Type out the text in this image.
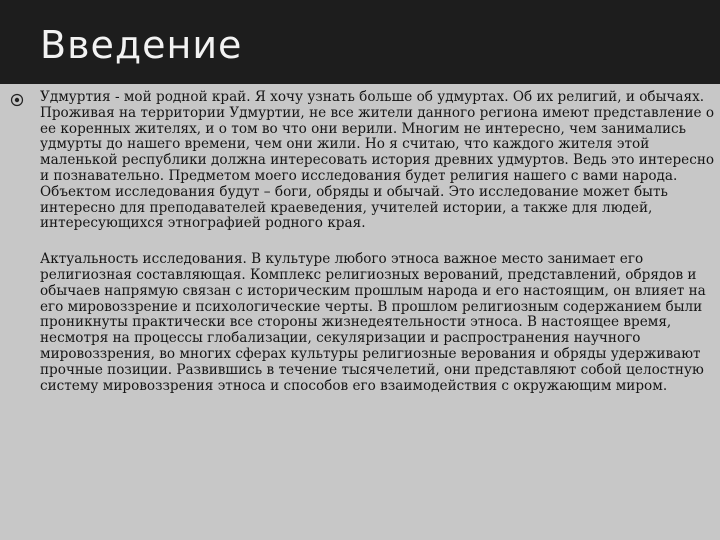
Введение

Удмуртия - мой родной край. Я хочу узнать больше об удмуртах. Об их религий, и обычаях. Проживая на территории Удмуртии, не все жители данного региона имеют представление о ее коренных жителях, и о том во что они верили. Многим не интересно, чем занимались удмурты до нашего времени, чем они жили. Но я считаю, что каждого жителя этой маленькой республики должна интересовать история древних удмуртов. Ведь это интересно и познавательно. Предметом моего исследования будет религия нашего с вами народа. Объектом исследования будут – боги, обряды и обычай. Это исследование может быть интересно для преподавателей краеведения, учителей истории, а также для людей, интересующихся этнографией родного края.

Актуальность исследования. В культуре любого этноса важное место занимает его религиозная составляющая. Комплекс религиозных верований, представлений, обрядов и обычаев напрямую связан с историческим прошлым народа и его настоящим, он влияет на его мировоззрение и психологические черты. В прошлом религиозным содержанием были проникнуты практически все стороны жизнедеятельности этноса. В настоящее время, несмотря на процессы глобализации, секуляризации и распространения научного мировоззрения, во многих сферах культуры религиозные верования и обряды удерживают прочные позиции. Развившись в течение тысячелетий, они представляют собой целостную систему мировоззрения этноса и способов его взаимодействия с окружающим миром.
